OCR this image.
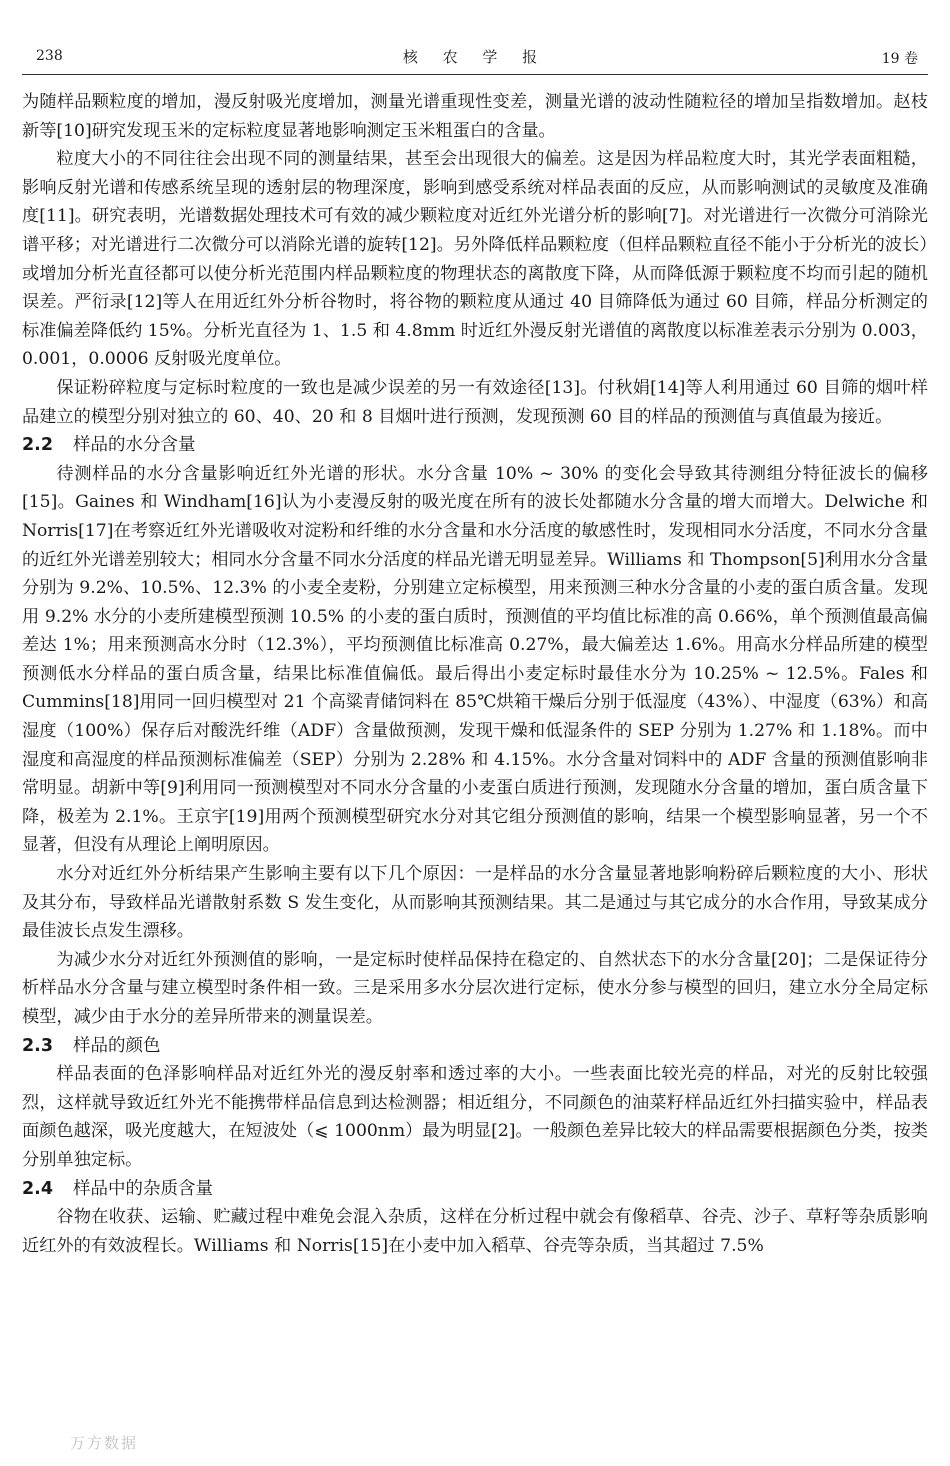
238	核 农 学 报	19 卷

为随样品颗粒度的增加，漫反射吸光度增加，测量光谱重现性变差，测量光谱的波动性随粒径的增加呈指数增加。赵枝新等[10]研究发现玉米的定标粒度显著地影响测定玉米粗蛋白的含量。

粒度大小的不同往往会出现不同的测量结果，甚至会出现很大的偏差。这是因为样品粒度大时，其光学表面粗糙，影响反射光谱和传感系统呈现的透射层的物理深度，影响到感受系统对样品表面的反应，从而影响测试的灵敏度及准确度[11]。研究表明，光谱数据处理技术可有效的减少颗粒度对近红外光谱分析的影响[7]。对光谱进行一次微分可消除光谱平移；对光谱进行二次微分可以消除光谱的旋转[12]。另外降低样品颗粒度（但样品颗粒直径不能小于分析光的波长）或增加分析光直径都可以使分析光范围内样品颗粒度的物理状态的离散度下降，从而降低源于颗粒度不均而引起的随机误差。严衍录[12]等人在用近红外分析谷物时，将谷物的颗粒度从通过 40 目筛降低为通过 60 目筛，样品分析测定的标准偏差降低约 15%。分析光直径为 1、1.5 和 4.8mm 时近红外漫反射光谱值的离散度以标准差表示分别为 0.003，0.001，0.0006 反射吸光度单位。

保证粉碎粒度与定标时粒度的一致也是减少误差的另一有效途径[13]。付秋娟[14]等人利用通过 60 目筛的烟叶样品建立的模型分别对独立的 60、40、20 和 8 目烟叶进行预测，发现预测 60 目的样品的预测值与真值最为接近。

2.2 样品的水分含量

待测样品的水分含量影响近红外光谱的形状。水分含量 10% ~ 30% 的变化会导致其待测组分特征波长的偏移[15]。Gaines 和 Windham[16]认为小麦漫反射的吸光度在所有的波长处都随水分含量的增大而增大。Delwiche 和 Norris[17]在考察近红外光谱吸收对淀粉和纤维的水分含量和水分活度的敏感性时，发现相同水分活度，不同水分含量的近红外光谱差别较大；相同水分含量不同水分活度的样品光谱无明显差异。Williams 和 Thompson[5]利用水分含量分别为 9.2%、10.5%、12.3% 的小麦全麦粉，分别建立定标模型，用来预测三种水分含量的小麦的蛋白质含量。发现用 9.2% 水分的小麦所建模型预测 10.5% 的小麦的蛋白质时，预测值的平均值比标准的高 0.66%，单个预测值最高偏差达 1%；用来预测高水分时（12.3%），平均预测值比标准高 0.27%，最大偏差达 1.6%。用高水分样品所建的模型预测低水分样品的蛋白质含量，结果比标准值偏低。最后得出小麦定标时最佳水分为 10.25% ~ 12.5%。Fales 和 Cummins[18]用同一回归模型对 21 个高粱青储饲料在 85℃烘箱干燥后分别于低湿度（43%）、中湿度（63%）和高湿度（100%）保存后对酸洗纤维（ADF）含量做预测，发现干燥和低湿条件的 SEP 分别为 1.27% 和 1.18%。而中湿度和高湿度的样品预测标准偏差（SEP）分别为 2.28% 和 4.15%。水分含量对饲料中的 ADF 含量的预测值影响非常明显。胡新中等[9]利用同一预测模型对不同水分含量的小麦蛋白质进行预测，发现随水分含量的增加，蛋白质含量下降，极差为 2.1%。王京宇[19]用两个预测模型研究水分对其它组分预测值的影响，结果一个模型影响显著，另一个不显著，但没有从理论上阐明原因。

水分对近红外分析结果产生影响主要有以下几个原因：一是样品的水分含量显著地影响粉碎后颗粒度的大小、形状及其分布，导致样品光谱散射系数 S 发生变化，从而影响其预测结果。其二是通过与其它成分的水合作用，导致某成分最佳波长点发生漂移。

为减少水分对近红外预测值的影响，一是定标时使样品保持在稳定的、自然状态下的水分含量[20]；二是保证待分析样品水分含量与建立模型时条件相一致。三是采用多水分层次进行定标，使水分参与模型的回归，建立水分全局定标模型，减少由于水分的差异所带来的测量误差。

2.3 样品的颜色

样品表面的色泽影响样品对近红外光的漫反射率和透过率的大小。一些表面比较光亮的样品，对光的反射比较强烈，这样就导致近红外光不能携带样品信息到达检测器；相近组分，不同颜色的油菜籽样品近红外扫描实验中，样品表面颜色越深，吸光度越大，在短波处（⩽ 1000nm）最为明显[2]。一般颜色差异比较大的样品需要根据颜色分类，按类分别单独定标。

2.4 样品中的杂质含量

谷物在收获、运输、贮藏过程中难免会混入杂质，这样在分析过程中就会有像稻草、谷壳、沙子、草籽等杂质影响近红外的有效波程长。Williams 和 Norris[15]在小麦中加入稻草、谷壳等杂质，当其超过 7.5%

万方数据
